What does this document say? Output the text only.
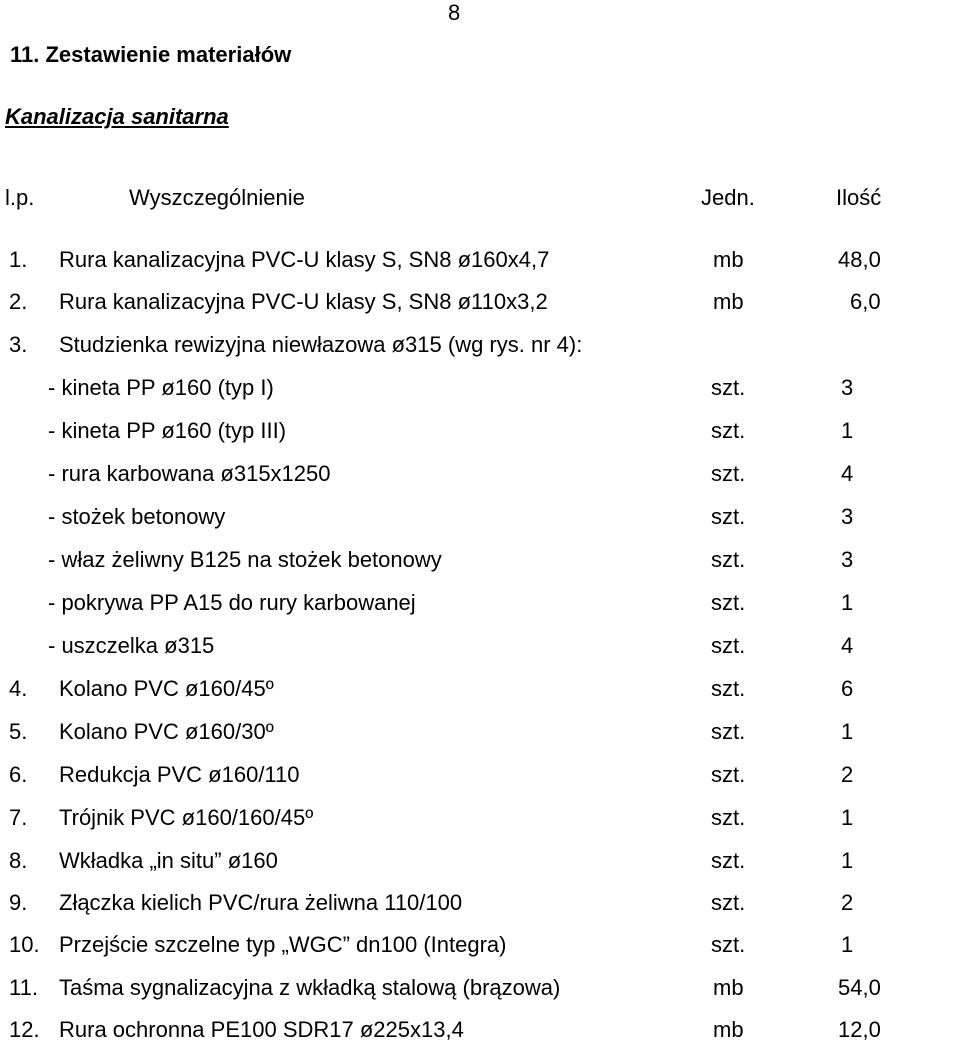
8
11. Zestawienie materiałów
Kanalizacja sanitarna
l.p.	Wyszczególnienie	Jedn.	Ilość
1. Rura kanalizacyjna PVC-U klasy S, SN8 ø160x4,7	mb	48,0
2. Rura kanalizacyjna PVC-U klasy S, SN8 ø110x3,2	mb	6,0
3. Studzienka rewizyjna niewłazowa ø315 (wg rys. nr 4):
- kineta PP ø160 (typ I)	szt.	3
- kineta PP ø160 (typ III)	szt.	1
- rura karbowana ø315x1250	szt.	4
- stożek betonowy	szt.	3
- właz żeliwny B125 na stożek betonowy	szt.	3
- pokrywa PP A15 do rury karbowanej	szt.	1
- uszczelka ø315	szt.	4
4. Kolano PVC ø160/45º	szt.	6
5. Kolano PVC ø160/30º	szt.	1
6. Redukcja PVC ø160/110	szt.	2
7. Trójnik PVC ø160/160/45º	szt.	1
8. Wkładka „in situ” ø160	szt.	1
9. Złączka kielich PVC/rura żeliwna 110/100	szt.	2
10. Przejście szczelne typ „WGC” dn100 (Integra)	szt.	1
11. Taśma sygnalizacyjna z wkładką stalową (brązowa)	mb	54,0
12. Rura ochronna PE100 SDR17 ø225x13,4	mb	12,0
